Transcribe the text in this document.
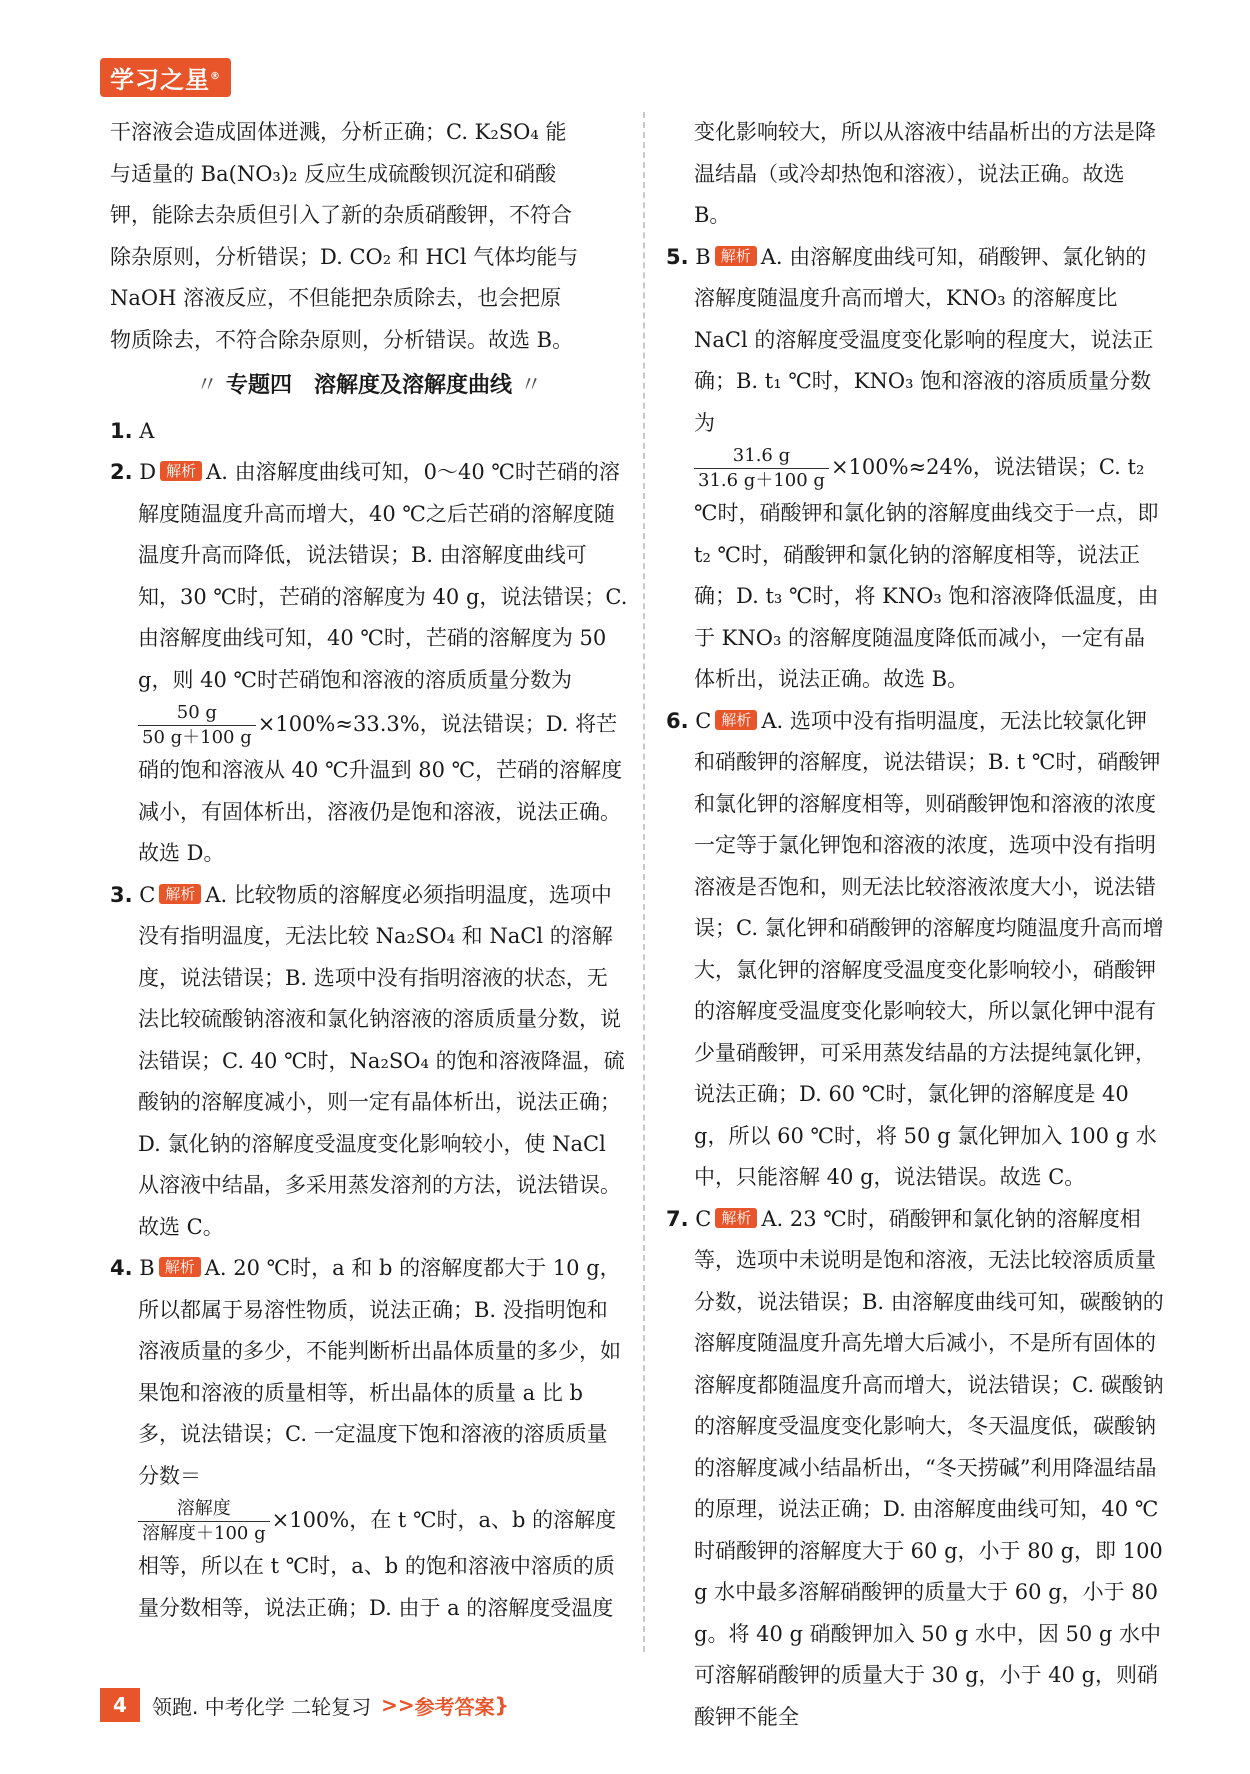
学习之星®

干溶液会造成固体迸溅，分析正确；C. K₂SO₄ 能

与适量的 Ba(NO₃)₂ 反应生成硫酸钡沉淀和硝酸

钾，能除去杂质但引入了新的杂质硝酸钾，不符合

除杂原则，分析错误；D. CO₂ 和 HCl 气体均能与

NaOH 溶液反应，不但能把杂质除去，也会把原

物质除去，不符合除杂原则，分析错误。故选 B。

〃 专题四　溶解度及溶解度曲线 〃

1. A

2. D 解析 A. 由溶解度曲线可知，0～40 ℃时芒硝的溶解度随温度升高而增大，40 ℃之后芒硝的溶解度随温度升高而降低，说法错误；B. 由溶解度曲线可知，30 ℃时，芒硝的溶解度为 40 g，说法错误；C. 由溶解度曲线可知，40 ℃时，芒硝的溶解度为 50 g，则 40 ℃时芒硝饱和溶液的溶质质量分数为

$\frac{50 g}{50 g+100 g} \times 100\%\approx 33.3\%$，说法错误；D. 将芒硝的饱和溶液从 40 ℃升温到 80 ℃，芒硝的溶解度减小，有固体析出，溶液仍是饱和溶液，说法正确。故选 D。

3. C 解析 A. 比较物质的溶解度必须指明温度，选项中没有指明温度，无法比较 Na₂SO₄ 和 NaCl 的溶解度，说法错误；B. 选项中没有指明溶液的状态，无法比较硫酸钠溶液和氯化钠溶液的溶质质量分数，说法错误；C. 40 ℃时，Na₂SO₄ 的饱和溶液降温，硫酸钠的溶解度减小，则一定有晶体析出，说法正确；D. 氯化钠的溶解度受温度变化影响较小，使 NaCl 从溶液中结晶，多采用蒸发溶剂的方法，说法错误。故选 C。

4. B 解析 A. 20 ℃时，a 和 b 的溶解度都大于 10 g，所以都属于易溶性物质，说法正确；B. 没指明饱和溶液质量的多少，不能判断析出晶体质量的多少，如果饱和溶液的质量相等，析出晶体的质量 a 比 b 多，说法错误；C. 一定温度下饱和溶液的溶质质量分数＝

$\frac{\text{溶解度}}{\text{溶解度＋100 g}} \times 100\%$，在 t ℃时，a、b 的溶解度相等，所以在 t ℃时，a、b 的饱和溶液中溶质的质量分数相等，说法正确；D. 由于 a 的溶解度受温度

变化影响较大，所以从溶液中结晶析出的方法是降

温结晶（或冷却热饱和溶液），说法正确。故选 B。

5. B 解析 A. 由溶解度曲线可知，硝酸钾、氯化钠的溶解度随温度升高而增大，KNO₃ 的溶解度比 NaCl 的溶解度受温度变化影响的程度大，说法正确；B. t₁ ℃时，KNO₃ 饱和溶液的溶质质量分数为

$\frac{31.6 g}{31.6 g+100 g} \times 100\%\approx 24\%$，说法错误；C. t₂ ℃时，硝酸钾和氯化钠的溶解度曲线交于一点，即 t₂ ℃时，硝酸钾和氯化钠的溶解度相等，说法正确；D. t₃ ℃时，将 KNO₃ 饱和溶液降低温度，由于 KNO₃ 的溶解度随温度降低而减小，一定有晶体析出，说法正确。故选 B。

6. C 解析 A. 选项中没有指明温度，无法比较氯化钾和硝酸钾的溶解度，说法错误；B. t ℃时，硝酸钾和氯化钾的溶解度相等，则硝酸钾饱和溶液的浓度一定等于氯化钾饱和溶液的浓度，选项中没有指明溶液是否饱和，则无法比较溶液浓度大小，说法错误；C. 氯化钾和硝酸钾的溶解度均随温度升高而增大，氯化钾的溶解度受温度变化影响较小，硝酸钾的溶解度受温度变化影响较大，所以氯化钾中混有少量硝酸钾，可采用蒸发结晶的方法提纯氯化钾，说法正确；D. 60 ℃时，氯化钾的溶解度是 40 g，所以 60 ℃时，将 50 g 氯化钾加入 100 g 水中，只能溶解 40 g，说法错误。故选 C。

7. C 解析 A. 23 ℃时，硝酸钾和氯化钠的溶解度相等，选项中未说明是饱和溶液，无法比较溶质质量分数，说法错误；B. 由溶解度曲线可知，碳酸钠的溶解度随温度升高先增大后减小，不是所有固体的溶解度都随温度升高而增大，说法错误；C. 碳酸钠的溶解度受温度变化影响大，冬天温度低，碳酸钠的溶解度减小结晶析出，“冬天捞碱”利用降温结晶的原理，说法正确；D. 由溶解度曲线可知，40 ℃时硝酸钾的溶解度大于 60 g，小于 80 g，即 100 g 水中最多溶解硝酸钾的质量大于 60 g，小于 80 g。将 40 g 硝酸钾加入 50 g 水中，因 50 g 水中可溶解硝酸钾的质量大于 30 g，小于 40 g，则硝酸钾不能全

4	领跑. 中考化学 二轮复习 >> 参考答案 }
